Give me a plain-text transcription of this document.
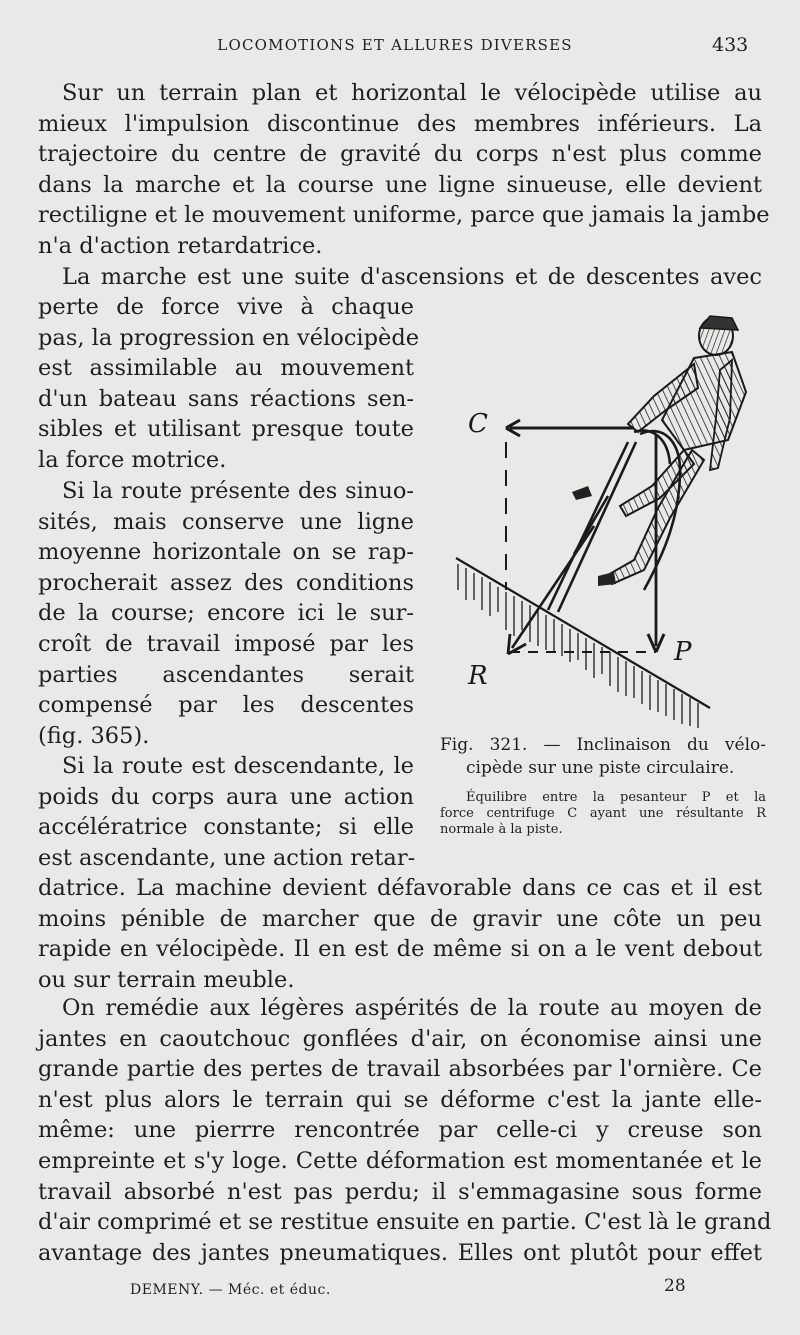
LOCOMOTIONS ET ALLURES DIVERSES	433
Sur un terrain plan et horizontal le vélocipède utilise au
mieux l'impulsion discontinue des membres inférieurs. La
trajectoire du centre de gravité du corps n'est plus comme
dans la marche et la course une ligne sinueuse, elle devient
rectiligne et le mouvement uniforme, parce que jamais la jambe
n'a d'action retardatrice.
La marche est une suite d'ascensions et de descentes avec
perte de force vive à chaque
pas, la progression en vélocipède
est assimilable au mouvement
d'un bateau sans réactions sen-
sibles et utilisant presque toute
la force motrice.
Si la route présente des sinuo-
sités, mais conserve une ligne
moyenne horizontale on se rap-
procherait assez des conditions
de la course; encore ici le sur-
croît de travail imposé par les
parties ascendantes serait
compensé par les descentes
(fig. 365).
Si la route est descendante, le
poids du corps aura une action
accélératrice constante; si elle
est ascendante, une action retar-
datrice. La machine devient défavorable dans ce cas et il est
moins pénible de marcher que de gravir une côte un peu
rapide en vélocipède. Il en est de même si on a le vent debout
ou sur terrain meuble.
On remédie aux légères aspérités de la route au moyen de
jantes en caoutchouc gonflées d'air, on économise ainsi une
grande partie des pertes de travail absorbées par l'ornière. Ce
n'est plus alors le terrain qui se déforme c'est la jante elle-
même: une pierrre rencontrée par celle-ci y creuse son
empreinte et s'y loge. Cette déformation est momentanée et le
travail absorbé n'est pas perdu; il s'emmagasine sous forme
d'air comprimé et se restitue ensuite en partie. C'est là le grand
avantage des jantes pneumatiques. Elles ont plutôt pour effet
C
R
P
Fig. 321. — Inclinaison du vélo-
cipède sur une piste circulaire.
Équilibre entre la pesanteur P et la
force centrifuge C ayant une résultante R
normale à la piste.
DEMENY. — Méc. et éduc.	28
